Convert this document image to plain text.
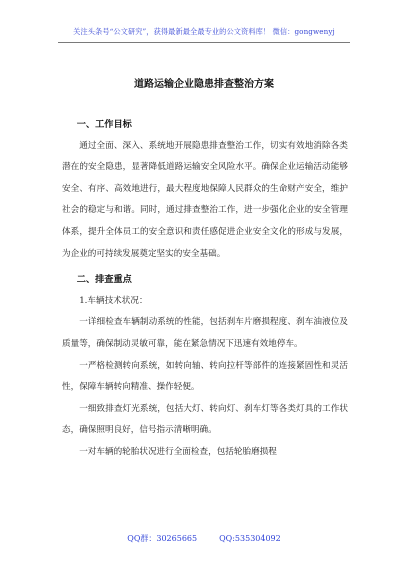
关注头条号“公文研究”，获得最新最全最专业的公文资料库！ 微信：gongwenyj
道路运输企业隐患排查整治方案
一、工作目标

通过全面、深入、系统地开展隐患排查整治工作，切实有效地消除各类潜在的安全隐患，显著降低道路运输安全风险水平。确保企业运输活动能够安全、有序、高效地进行，最大程度地保障人民群众的生命财产安全，维护社会的稳定与和谐。同时，通过排查整治工作，进一步强化企业的安全管理体系，提升全体员工的安全意识和责任感促进企业安全文化的形成与发展，为企业的可持续发展奠定坚实的安全基础。

二、排查重点

1.车辆技术状况：

一详细检查车辆制动系统的性能，包括刹车片磨损程度、刹车油液位及质量等，确保制动灵敏可靠，能在紧急情况下迅速有效地停车。

一严格检测转向系统，如转向轴、转向拉杆等部件的连接紧固性和灵活性，保障车辆转向精准、操作轻便。

一细致排查灯光系统，包括大灯、转向灯、刹车灯等各类灯具的工作状态，确保照明良好，信号指示清晰明确。

一对车辆的轮胎状况进行全面检查，包括轮胎磨损程

QQ群：30265665	QQ:535304092
